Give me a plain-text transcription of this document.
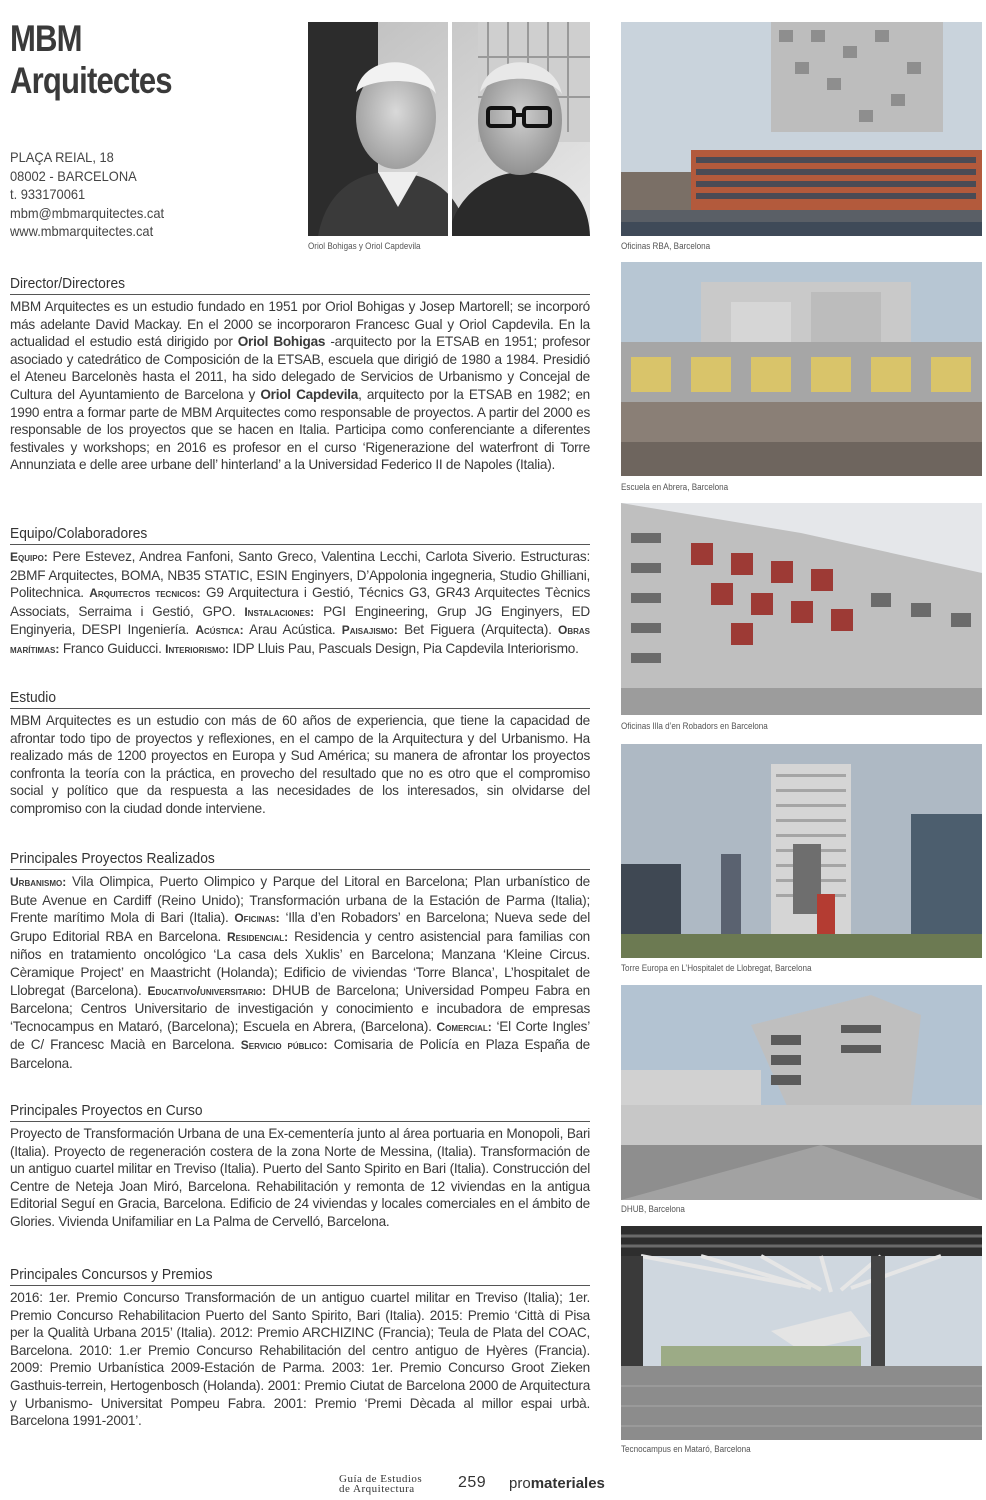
MBM
Arquitectes
PLAÇA REIAL, 18
08002 - BARCELONA
t. 933170061
mbm@mbmarquitectes.cat
www.mbmarquitectes.cat
Oriol Bohigas y Oriol Capdevila
Director/Directores
MBM Arquitectes es un estudio fundado en 1951 por Oriol Bohigas y Josep Martorell; se incorporó más adelante David Mackay. En el 2000 se incorporaron Francesc Gual y Oriol Capdevila. En la actualidad el estudio está dirigido por Oriol Bohigas -arquitecto por la ETSAB en 1951; profesor asociado y catedrático de Composición de la ETSAB, escuela que dirigió de 1980 a 1984. Presidió el Ateneu Barcelonès hasta el 2011, ha sido delegado de Servicios de Urbanismo y Concejal de Cultura del Ayuntamiento de Barcelona y Oriol Capdevila, arquitecto por la ETSAB en 1982; en 1990 entra a formar parte de MBM Arquitectes como responsable de proyectos. A partir del 2000 es responsable de los proyectos que se hacen en Italia. Participa como conferenciante a diferentes festivales y workshops; en 2016 es profesor en el curso ‘Rigenerazione del waterfront di Torre Annunziata e delle aree urbane dell’ hinterland’ a la Universidad Federico II de Napoles (Italia).
Equipo/Colaboradores
Equipo: Pere Estevez, Andrea Fanfoni, Santo Greco, Valentina Lecchi, Carlota Siverio. Estructuras: 2BMF Arquitectes, BOMA, NB35 STATIC, ESIN Enginyers, D’Appolonia ingegneria, Studio Ghilliani, Politechnica. Arquitectos tecnicos: G9 Arquitectura i Gestió, Técnics G3, GR43 Arquitectes Tècnics Associats, Serraima i Gestió, GPO. Instalaciones: PGI Engineering, Grup JG Enginyers, ED Enginyeria, DESPI Ingeniería. Acústica: Arau Acústica. Paisajismo: Bet Figuera (Arquitecta). Obras marítimas: Franco Guiducci. Interiorismo: IDP Lluis Pau, Pascuals Design, Pia Capdevila Interiorismo.
Estudio
MBM Arquitectes es un estudio con más de 60 años de experiencia, que tiene la capacidad de afrontar todo tipo de proyectos y reflexiones, en el campo de la Arquitectura y del Urbanismo. Ha realizado más de 1200 proyectos en Europa y Sud América; su manera de afrontar los proyectos confronta la teoría con la práctica, en provecho del resultado que no es otro que el compromiso social y político que da respuesta a las necesidades de los interesados, sin olvidarse del compromiso con la ciudad donde interviene.
Principales Proyectos Realizados
Urbanismo: Vila Olimpica, Puerto Olimpico y Parque del Litoral en Barcelona; Plan urbanístico de Bute Avenue en Cardiff (Reino Unido); Transformación urbana de la Estación de Parma (Italia); Frente marítimo Mola di Bari (Italia). Oficinas: ‘Illa d’en Robadors’ en Barcelona; Nueva sede del Grupo Editorial RBA en Barcelona. Residencial: Residencia y centro asistencial para familias con niños en tratamiento oncológico ‘La casa dels Xuklis’ en Barcelona; Manzana ‘Kleine Circus. Cèramique Project’ en Maastricht (Holanda); Edificio de viviendas ‘Torre Blanca’, L’hospitalet de Llobregat (Barcelona). Educativo/universitario: DHUB de Barcelona; Universidad Pompeu Fabra en Barcelona; Centros Universitario de investigación y conocimiento e incubadora de empresas ‘Tecnocampus en Mataró, (Barcelona); Escuela en Abrera, (Barcelona). Comercial: ‘El Corte Ingles’ de C/ Francesc Macià en Barcelona. Servicio público: Comisaria de Policía en Plaza España de Barcelona.
Principales Proyectos en Curso
Proyecto de Transformación Urbana de una Ex-cementería junto al área portuaria en Monopoli, Bari (Italia). Proyecto de regeneración costera de la zona Norte de Messina, (Italia). Transformación de un antiguo cuartel militar en Treviso (Italia). Puerto del Santo Spirito en Bari (Italia). Construcción del Centre de Neteja Joan Miró, Barcelona. Rehabilitación y remonta de 12 viviendas en la antigua Editorial Seguí en Gracia, Barcelona. Edificio de 24 viviendas y locales comerciales en el ámbito de Glories. Vivienda Unifamiliar en La Palma de Cervelló, Barcelona.
Principales Concursos y Premios
2016: 1er. Premio Concurso Transformación de un antiguo cuartel militar en Treviso (Italia); 1er. Premio Concurso Rehabilitacion Puerto del Santo Spirito, Bari (Italia). 2015: Premio ‘Città di Pisa per la Qualità Urbana 2015’ (Italia). 2012: Premio ARCHIZINC (Francia); Teula de Plata del COAC, Barcelona. 2010: 1.er Premio Concurso Rehabilitación del centro antiguo de Hyères (Francia). 2009: Premio Urbanística 2009-Estación de Parma. 2003: 1er. Premio Concurso Groot Zieken Gasthuis-terrein, Hertogenbosch (Holanda). 2001: Premio Ciutat de Barcelona 2000 de Arquitectura y Urbanismo- Universitat Pompeu Fabra. 2001: Premio ‘Premi Dècada al millor espai urbà. Barcelona 1991-2001’.
Oficinas RBA, Barcelona
Escuela en Abrera, Barcelona
Oficinas Illa d’en Robadors en Barcelona
Torre Europa en L’Hospitalet de Llobregat, Barcelona
DHUB, Barcelona
Tecnocampus en Mataró, Barcelona
Guía de Estudios
de Arquitectura	259 promateriales
